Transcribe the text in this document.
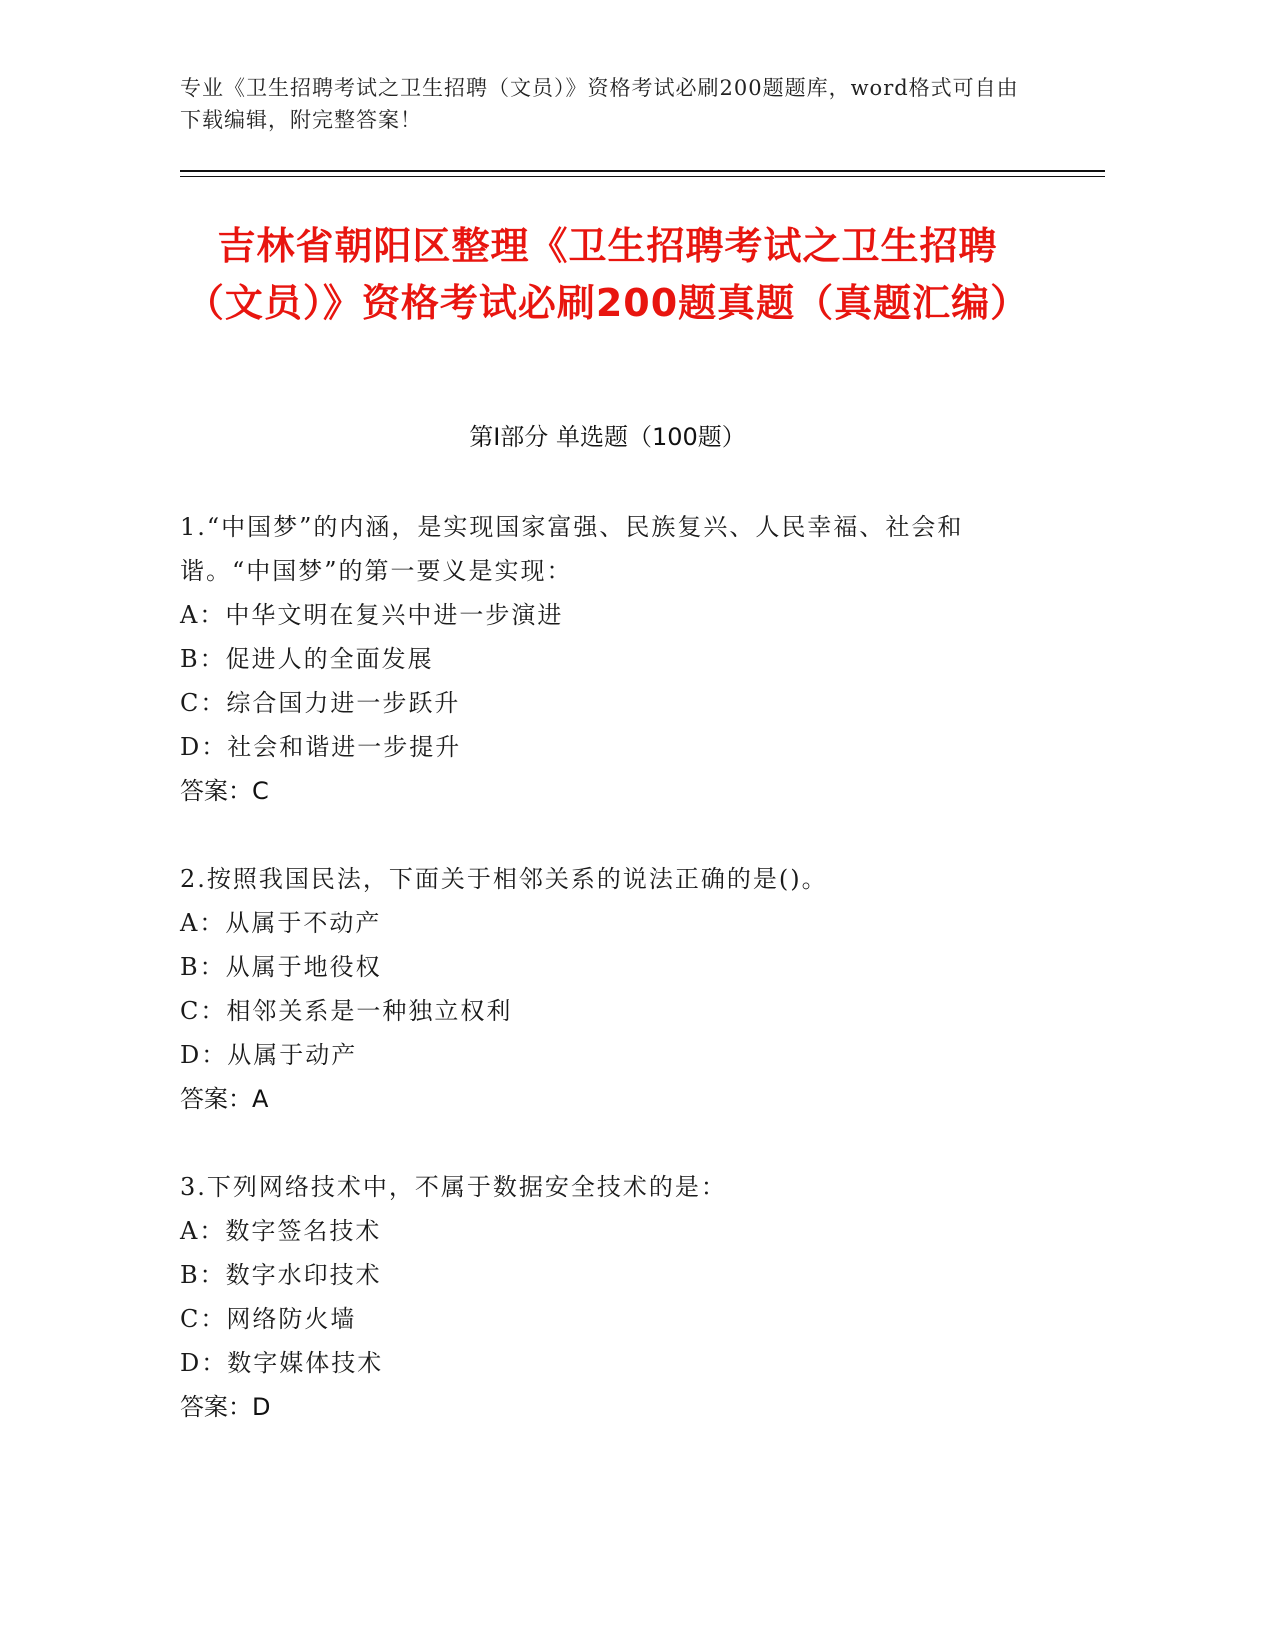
专业《卫生招聘考试之卫生招聘（文员）》资格考试必刷200题题库，word格式可自由下载编辑，附完整答案！
吉林省朝阳区整理《卫生招聘考试之卫生招聘（文员）》资格考试必刷200题真题（真题汇编）
第I部分 单选题（100题）
1.“中国梦”的内涵，是实现国家富强、民族复兴、人民幸福、社会和谐。“中国梦”的第一要义是实现：
A：中华文明在复兴中进一步演进
B：促进人的全面发展
C：综合国力进一步跃升
D：社会和谐进一步提升
答案：C
2.按照我国民法，下面关于相邻关系的说法正确的是()。
A：从属于不动产
B：从属于地役权
C：相邻关系是一种独立权利
D：从属于动产
答案：A
3.下列网络技术中，不属于数据安全技术的是：
A：数字签名技术
B：数字水印技术
C：网络防火墙
D：数字媒体技术
答案：D
